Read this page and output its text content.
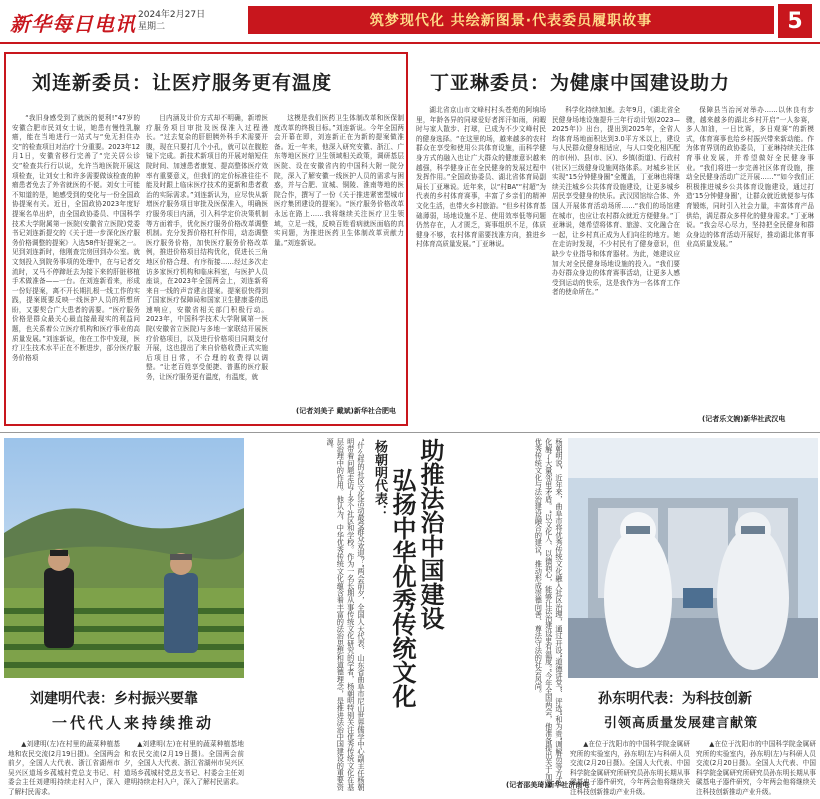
新华每日电讯 2024年2月27日
星期二	筑梦现代化 共绘新图景·代表委员履职故事	5
刘连新委员：让医疗服务更有温度

“我旧身感受到了就医的便利!”47岁的安徽合肥市民刘女士说，她患有慢性乳腺癌，能在当地进行一站式与“免无担住办交”的检查项目对治疗十分重要。2023年12月1日，安徽省移行完善了“完关居公诊交”检查共行行以说，允许当地医院开展这项检查，让刘女士和许多需要做该检查的肿瘤患者免去了外省就医的不便。刘女士可能不知道的是，她感受到的变化与一份全国政协提案有关。近日，全国政协2023年度好提案名单出炉，由全国政协委员、中国科学技术大学附属第一医院(安徽省立医院)党委书记刘连新提交的《关于进一步深化医疗服务价格调整的提案》入选58件好提案之一。见到刘连新时，他刚查完房回到办公室。就文刻投入到院务事项的处理中，在与记者交流时，又马不停蹄赶去为接下来的肝脏移植手术做准备——一台。在刘连新看来，形成一份好提案，离不开长期扎根一线工作的实践，提案既要反映一线医护人员的所想所盼，又要契合广大患者的需要。“医疗服务价格是群众最关心最直接最现实的利益问题，也关系着公立医疗机构和医疗事业的高质量发展。”刘连新说，他在工作中发现，医疗卫生技术水平正在不断进步，部分医疗服务价格项

目内涵及计价方式却不明确，新增医疗服务项目审批及医保准入过程漫长。“过去复杂的肝胆胰外科手术需要开腹，现在只要打几个小孔，就可以在腹腔镜下完成。新技术新项目的开展对缩短住院时间、加速患者康复、提高整体医疗效率有重要意义，但我们的定价标准往往不能及时跟上临床医疗技术的更新和患者救治的实际需求。”刘连新认为，应尽快从新增医疗服务项目审批及医保准入，明确医疗服务项目内涵，引入科学定价决策机制等方面着手，优化医疗服务价格改革调整机制。充分发挥价格杠杆作用，动态调整医疗服务价格，加快医疗服务价格改革例，推进价格项目结构优化，促进长三角地区价格合理、有序衔接……经过多次走访多家医疗机构和临床科室，与医护人员座谈，在2023年全国两会上，刘连新将来自一线的声音建言提案。提案很快得到了国家医疗保障局和国家卫生健康委的迅速响应，安徽省相关部门积极行动。2023年，中国科学技术大学附属第一医院(安徽省立医院)与多地一家联结开展医疗价格项目，以及进行价格项目同期支付开展，这也提出了来自价格收费正式实施后项目日常，不合理的收费得以调整。“让老百姓享受便捷、普惠的医疗服务，让医疗服务更有温度，有温度，就

这模是我们医药卫生体制改革和医保制度改革的终极目标。”刘连新说。今年全国两会开幕在即，刘连新正在为新的提案做准备。近一年来，他深入研究安徽、浙江、广东等地区医疗卫生领域相关政策，调研基层医院、设在安徽省内的中国科大附一院分院，深入了解安徽一线医护人员的需求与困惑，并与合肥、宣城、铜陵、淮南等地的医院合作，撰写了一份《关于推进紧密型城市医疗集团建设的提案》。“医疗服务价格改革永远在路上……我将继续关注医疗卫生领域，立足一线，反映百姓看病就医面临的真实问题，为推进医药卫生体制改革贡献力量。”刘连新说。

(记者刘美子 戴斌)新华社合肥电
丁亚琳委员：为健康中国建设助力

湖北省京山市文峰村村头苍苑的阿垧场里，年龄各异的同球爱好者挥汗如雨，闲暇时与家人散步、打球，已成为不少文峰村民的健身选择。“在这里的场，越来越多的农村群众在享受和使用公共体育设施，而科学健身方式的融入也让广大群众的健康意识越来越强，科学健身正在全民健身的发展过程中发挥作用。”全国政协委员、湖北省体育局副局长丁亚琳说。近年来，以“村BA”“村超”为代表的乡村体育赛事，丰富了乡亲们的精神文化生活，也带火乡村旅游。“但乡村体育基础薄弱，场地设施不足、使用效率低等问题仍然存在，人才匮乏，赛事组织不足，体质健身不够，农村体育需要找准方向，推进乡村体育高质量发展。”丁亚琳说。

科学化持续加速。去年9月，《湖北省全民健身场地设施提升三年行动计划(2023—2025年)》出台，提出到2025年，全省人均体育场地面积达到3.0平方米以上，建设与人民群众健身相适应，与人口变化相匹配的市(州)、县(市、区)、乡镇(街道)、行政村(社区)三级健身设施网络体系。对城乡社区实现“15分钟健身圈”全覆盖，丁亚琳也将继续关注城乡公共体育设施建设，让更多城乡居民享受健身的快乐。武汉园馆综合体、外国人开展体育活动场所……“我们的场馆建在城市，也应让农村群众就近方便健身。”丁亚琳说，她希望将体育、旅游、文化融合在一起，让乡村真正成为人们向往的地方。她在走访时发现，不少村民有了健身意识，但缺少专业指导和体育器材。为此，她建议应加大对全民健身场地设施的投入。“我们要办好群众身边的体育赛事活动，让更多人感受到运动的快乐，这是我作为一名体育工作者的使命所在。”

保障县当治河对举办……以休良有步骤，越来越多的湖北乡村开启“一人参赛，多人加油，一日比赛，多日观赛”的新模式，体育赛事也给乡村振兴带来新动能。作为体育界别的政协委员，丁亚琳持续关注体育事业发展，并希望做好全民健身事业。“我们将进一步完善社区体育设施，推动全民健身活动广泛开展……”“如今我们正积极推进城乡公共体育设施建设，通过打造‘15分钟健身圈’，让群众就近就便参与体育锻炼，同时引入社会力量，丰富体育产品供给，满足群众多样化的健身需求。”丁亚琳说。“我会尽心尽力，坚持把全民健身和群众身边的体育活动开展好，推动湖北体育事业高质量发展。”

(记者乐文婉)新华社武汉电
刘建明代表：乡村振兴要靠
一代代人来持续推动

▲刘建明(左)在村里的蔬菜种植基地和农民交流(2月19日摄)。全国两会前夕，全国人大代表、浙江省湖州市吴兴区道场乡菰城村党总支书记、村委会主任刘建明持续走村入户，深入了解村民需求。

▲刘建明(左)在村里的蔬菜种植基地和农民交流(2月19日摄)。全国两会前夕，全国人大代表、浙江省湖州市吴兴区道场乡菰城村党总支书记、村委会主任刘建明持续走村入户，深入了解村民需求。	“什么样的社区文化活动最受群众欢迎？”两会前夕，全国人大代表、山东省曲阜市尼山世界儒学中心副主任杨朝明带着问题走访了多个社区和学校。作为一名长期从事传统文化研究的学者，杨朝明特别关注优秀传统文化在基层治理中的作用。他认为，中华优秀传统文化蕴含着丰富的法治思想和道德理念，是推进法治中国建设的重要资源。	杨朝明代表： 弘扬中华优秀传统文化 助推法治中国建设	杨朝明说，近年来，曲阜市将优秀传统文化融入社区治理，通过开设“道德讲堂”、评选“和为贵”调解员等方式，化解了大量邻里矛盾。“以文化人、以德润心，能够让法治建设更有温度。”今年全国两会，他准备提出关于加强优秀传统文化与法治建设融合的建议，推动形成崇德向善、尊法守法的社会风尚。
(记者邵美琦)新华社济南电
孙东明代表：为科技创新
引领高质量发展建言献策

▲在位于沈阳市的中国科学院金属研究所的实验室内，孙东明(左)与科研人员交流(2月20日摄)。全国人大代表、中国科学院金属研究所研究员孙东明长期从事碳基电子器件研究，今年两会他将继续关注科技创新推动产业升级。

▲在位于沈阳市的中国科学院金属研究所的实验室内，孙东明(左)与科研人员交流(2月20日摄)。全国人大代表、中国科学院金属研究所研究员孙东明长期从事碳基电子器件研究，今年两会他将继续关注科技创新推动产业升级。
